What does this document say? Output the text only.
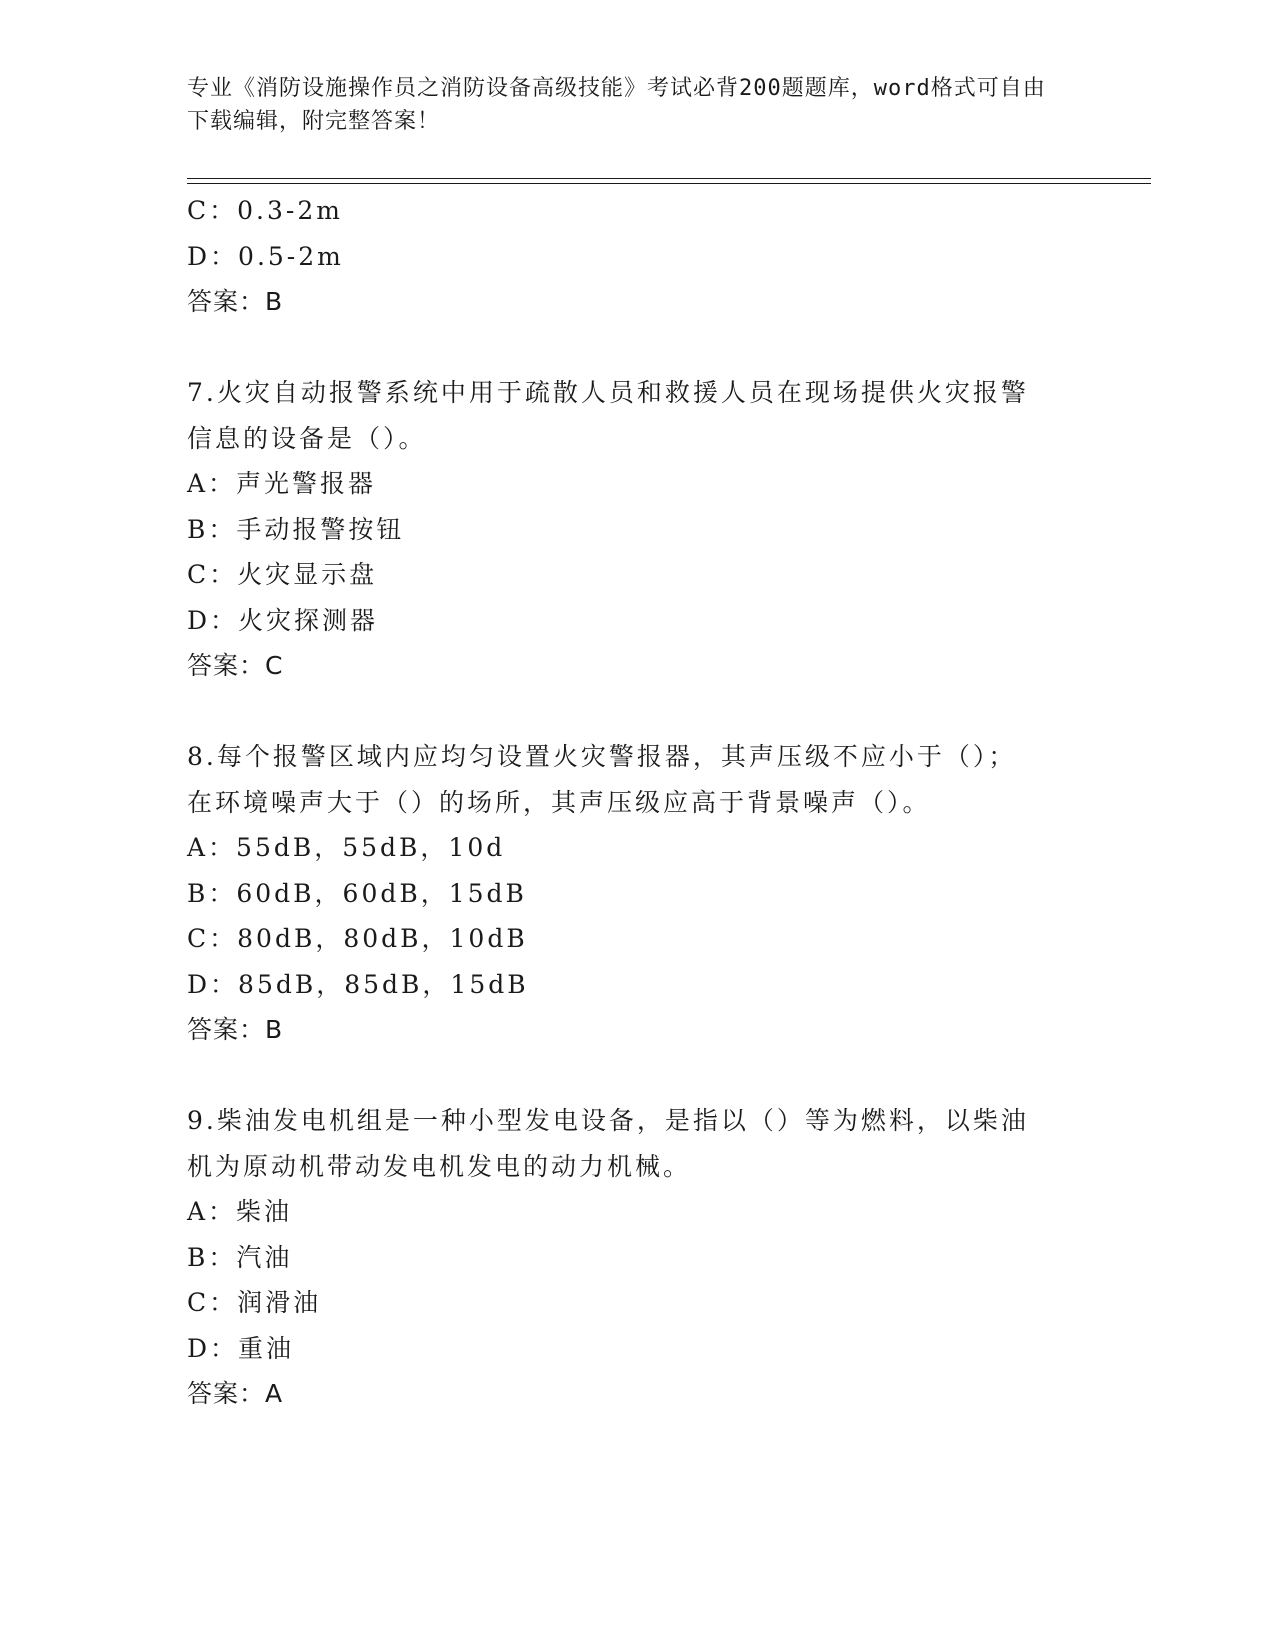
专业《消防设施操作员之消防设备高级技能》考试必背200题题库，word格式可自由下载编辑，附完整答案！
C：0.3-2m
D：0.5-2m
答案：B
7.火灾自动报警系统中用于疏散人员和救援人员在现场提供火灾报警
信息的设备是（）。
A：声光警报器
B：手动报警按钮
C：火灾显示盘
D：火灾探测器
答案：C
8.每个报警区域内应均匀设置火灾警报器，其声压级不应小于（）；
在环境噪声大于（）的场所，其声压级应高于背景噪声（）。
A：55dB，55dB，10d
B：60dB，60dB，15dB
C：80dB，80dB，10dB
D：85dB，85dB，15dB
答案：B
9.柴油发电机组是一种小型发电设备，是指以（）等为燃料，以柴油
机为原动机带动发电机发电的动力机械。
A：柴油
B：汽油
C：润滑油
D：重油
答案：A
